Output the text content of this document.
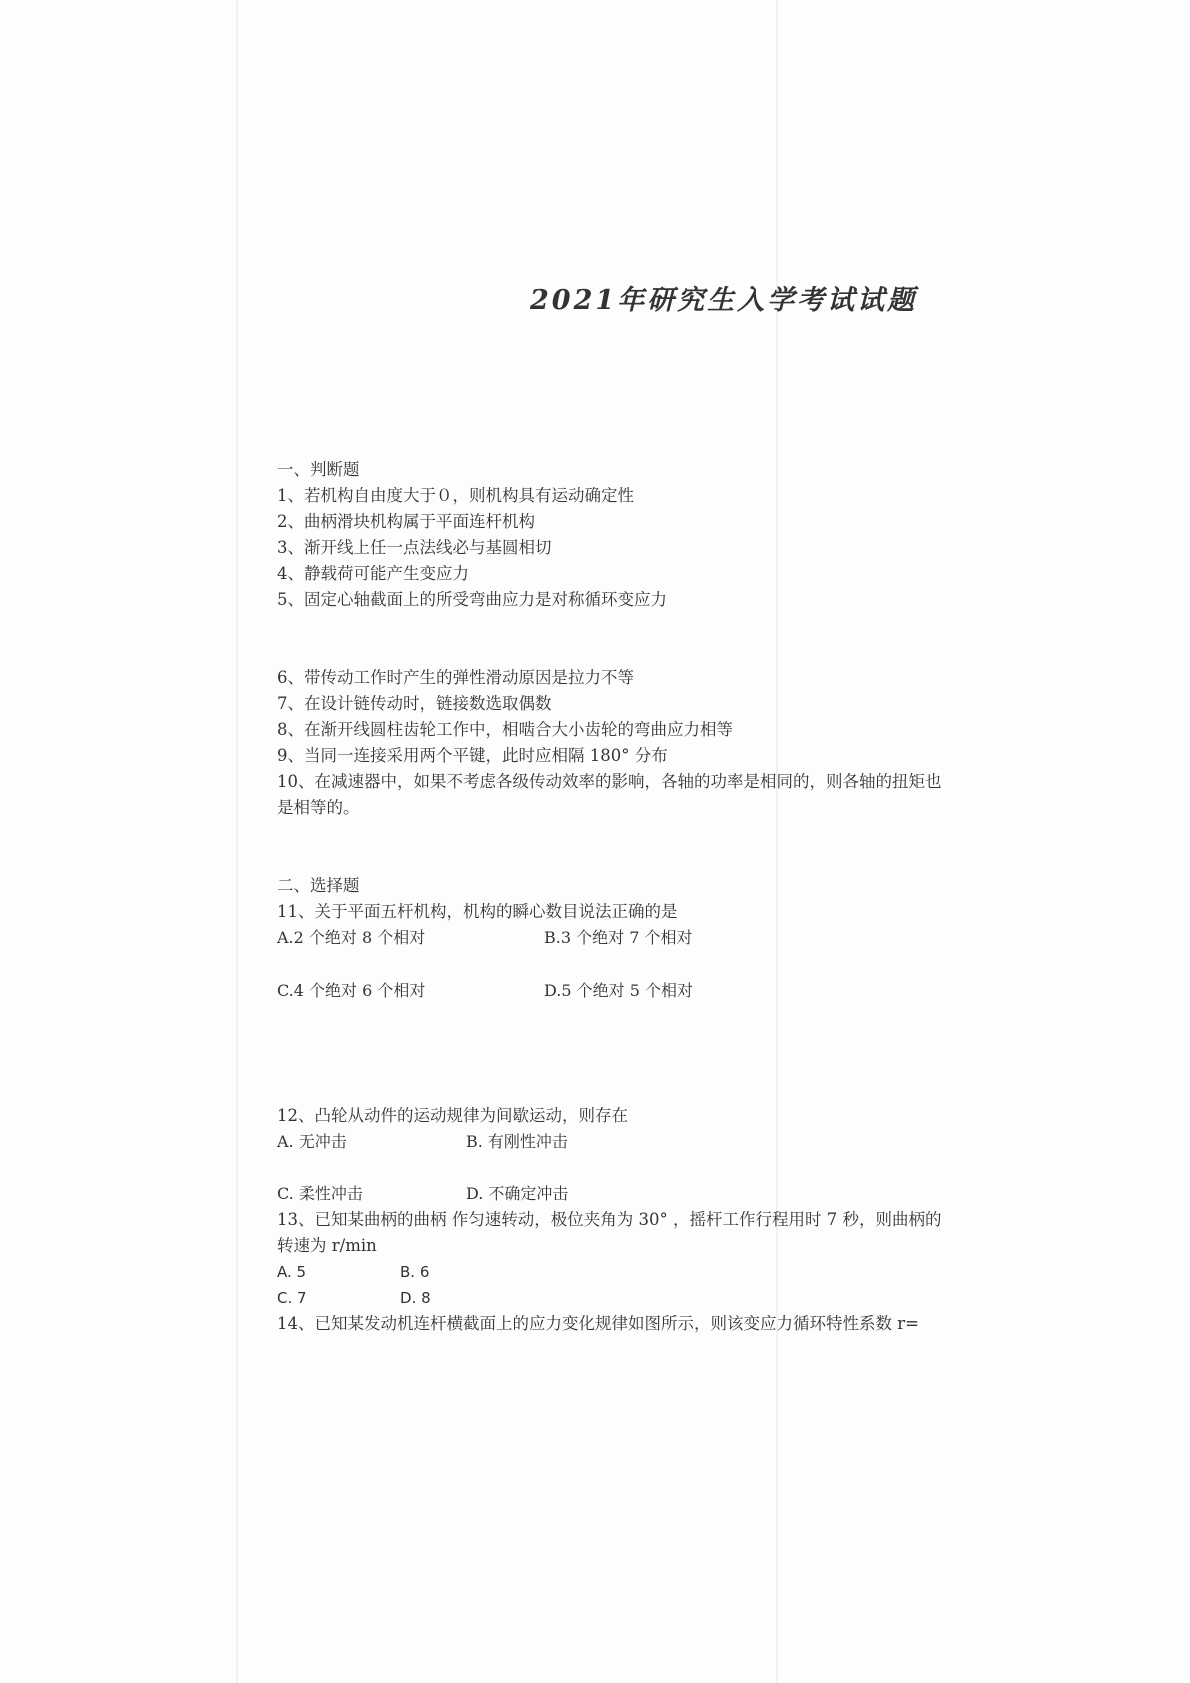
2021年研究生入学考试试题
一、判断题
1、若机构自由度大于０，则机构具有运动确定性
2、曲柄滑块机构属于平面连杆机构
3、渐开线上任一点法线必与基圆相切
4、静载荷可能产生变应力
5、固定心轴截面上的所受弯曲应力是对称循环变应力
6、带传动工作时产生的弹性滑动原因是拉力不等
7、在设计链传动时，链接数选取偶数
8、在渐开线圆柱齿轮工作中，相啮合大小齿轮的弯曲应力相等
9、当同一连接采用两个平键，此时应相隔 180° 分布
10、在减速器中，如果不考虑各级传动效率的影响，各轴的功率是相同的，则各轴的扭矩也
是相等的。
二、选择题
11、关于平面五杆机构，机构的瞬心数目说法正确的是
A.2 个绝对 8 个相对	B.3 个绝对 7 个相对
C.4 个绝对 6 个相对	D.5 个绝对 5 个相对
12、凸轮从动件的运动规律为间歇运动，则存在
A. 无冲击	B. 有刚性冲击
C. 柔性冲击	D. 不确定冲击
13、已知某曲柄的曲柄 作匀速转动，极位夹角为 30° ，摇杆工作行程用时 7 秒，则曲柄的
转速为 r/min
A. 5	B. 6
C. 7	D. 8
14、已知某发动机连杆横截面上的应力变化规律如图所示，则该变应力循环特性系数 r=
